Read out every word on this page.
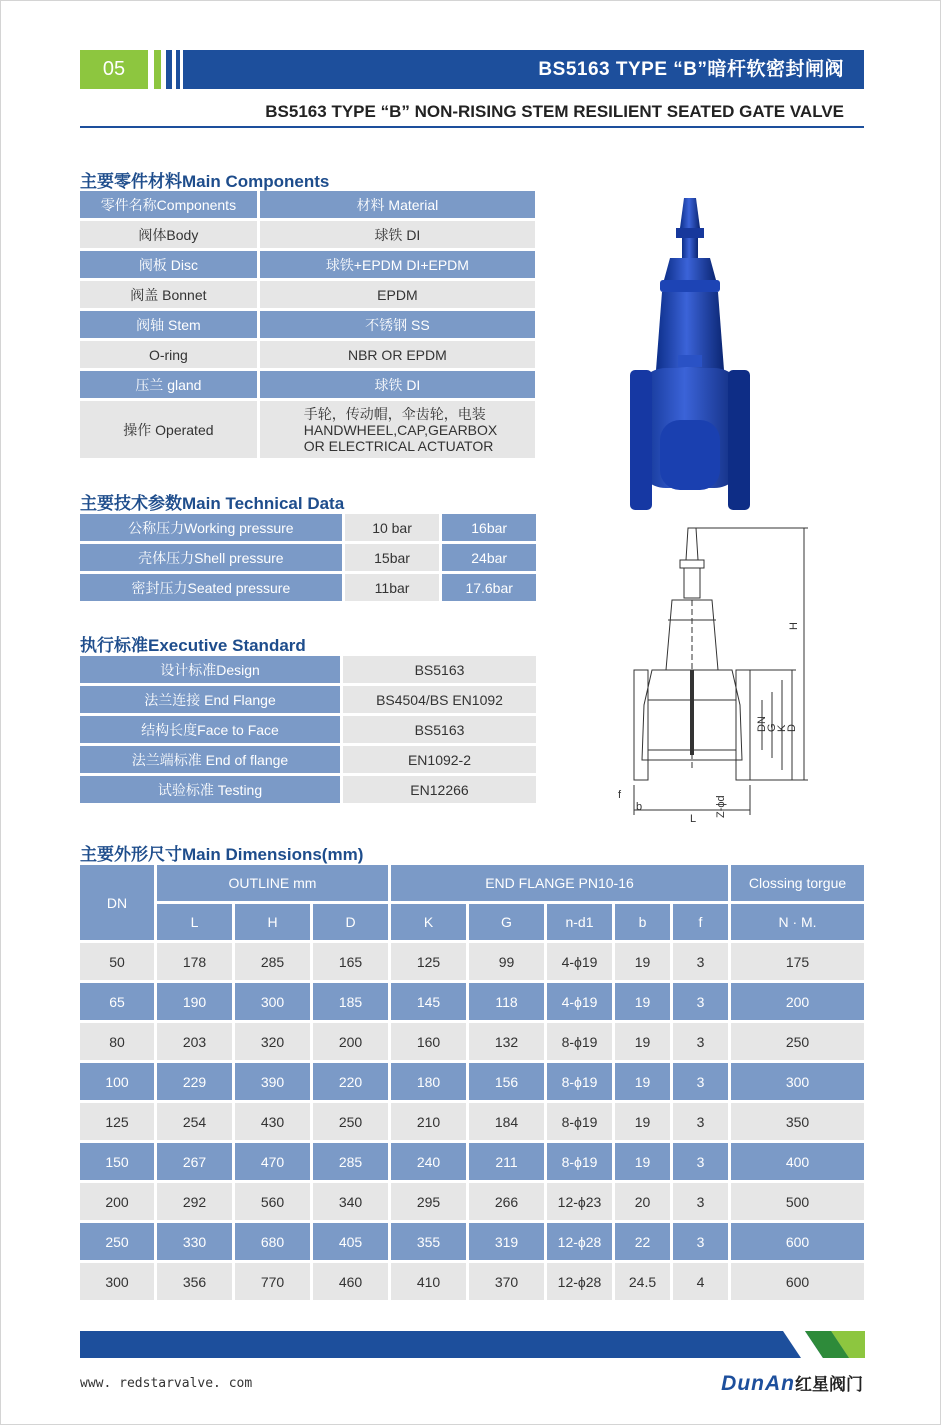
05	BS5163 TYPE “B”暗杆软密封闸阀
BS5163 TYPE “B” NON-RISING STEM RESILIENT SEATED GATE VALVE
主要零件材料Main Components
零件名称Components	材料 Material
阀体Body	球铁 DI
阀板 Disc	球铁+EPDM DI+EPDM
阀盖 Bonnet	EPDM
阀轴 Stem	不锈钢 SS
O-ring	NBR OR EPDM
压兰 gland	球铁 DI
操作 Operated	手轮，传动帽，伞齿轮，电装
HANDWHEEL,CAP,GEARBOX
OR ELECTRICAL ACTUATOR
主要技术参数Main Technical Data
公称压力Working pressure	10 bar	16bar
壳体压力Shell pressure	15bar	24bar
密封压力Seated pressure	11bar	17.6bar
执行标准Executive Standard
设计标准Design	BS5163
法兰连接 End Flange	BS4504/BS EN1092
结构长度Face to Face	BS5163
法兰端标准 End of flange	EN1092-2
试验标准 Testing	EN12266
H
DN
G
K
D
L
f
b	Z-ϕd
主要外形尺寸Main Dimensions(mm)
DN	OUTLINE mm			END FLANGE PN10-16					Clossing torgue
	L	H	D	K	G	n-d1	b	f	N · M.
50	178	285	165	125	99	4-ϕ19	19	3	175
65	190	300	185	145	118	4-ϕ19	19	3	200
80	203	320	200	160	132	8-ϕ19	19	3	250
100	229	390	220	180	156	8-ϕ19	19	3	300
125	254	430	250	210	184	8-ϕ19	19	3	350
150	267	470	285	240	211	8-ϕ19	19	3	400
200	292	560	340	295	266	12-ϕ23	20	3	500
250	330	680	405	355	319	12-ϕ28	22	3	600
300	356	770	460	410	370	12-ϕ28	24.5	4	600
www. redstarvalve. com	DunAn红星阀门
